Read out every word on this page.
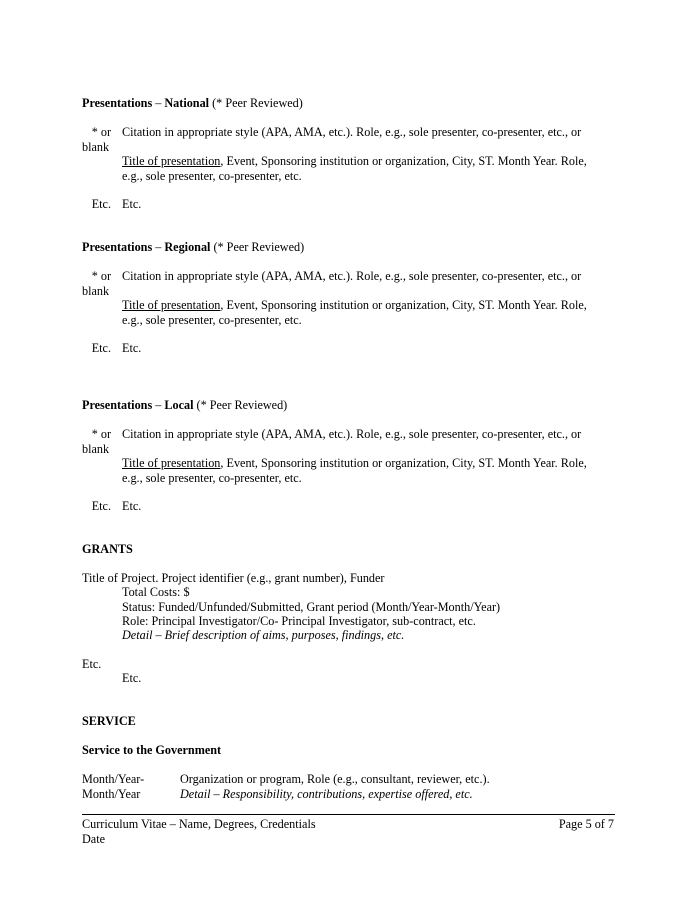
Presentations – National (* Peer Reviewed)
* or
blank
Citation in appropriate style (APA, AMA, etc.). Role, e.g., sole presenter, co-presenter, etc., or
Title of presentation, Event, Sponsoring institution or organization, City, ST. Month Year. Role,
e.g., sole presenter, co-presenter, etc.
Etc. Etc.
Presentations – Regional (* Peer Reviewed)
* or
blank
Citation in appropriate style (APA, AMA, etc.). Role, e.g., sole presenter, co-presenter, etc., or
Title of presentation, Event, Sponsoring institution or organization, City, ST. Month Year. Role,
e.g., sole presenter, co-presenter, etc.
Etc. Etc.
Presentations – Local (* Peer Reviewed)
* or
blank
Citation in appropriate style (APA, AMA, etc.). Role, e.g., sole presenter, co-presenter, etc., or
Title of presentation, Event, Sponsoring institution or organization, City, ST. Month Year. Role,
e.g., sole presenter, co-presenter, etc.
Etc. Etc.
GRANTS
Title of Project. Project identifier (e.g., grant number), Funder
Total Costs: $
Status: Funded/Unfunded/Submitted, Grant period (Month/Year-Month/Year)
Role: Principal Investigator/Co- Principal Investigator, sub-contract, etc.
Detail – Brief description of aims, purposes, findings, etc.
Etc.
Etc.
SERVICE
Service to the Government
Month/Year-
Month/Year
Organization or program, Role (e.g., consultant, reviewer, etc.).
Detail – Responsibility, contributions, expertise offered, etc.
Curriculum Vitae – Name, Degrees, Credentials
Date
Page 5 of 7
